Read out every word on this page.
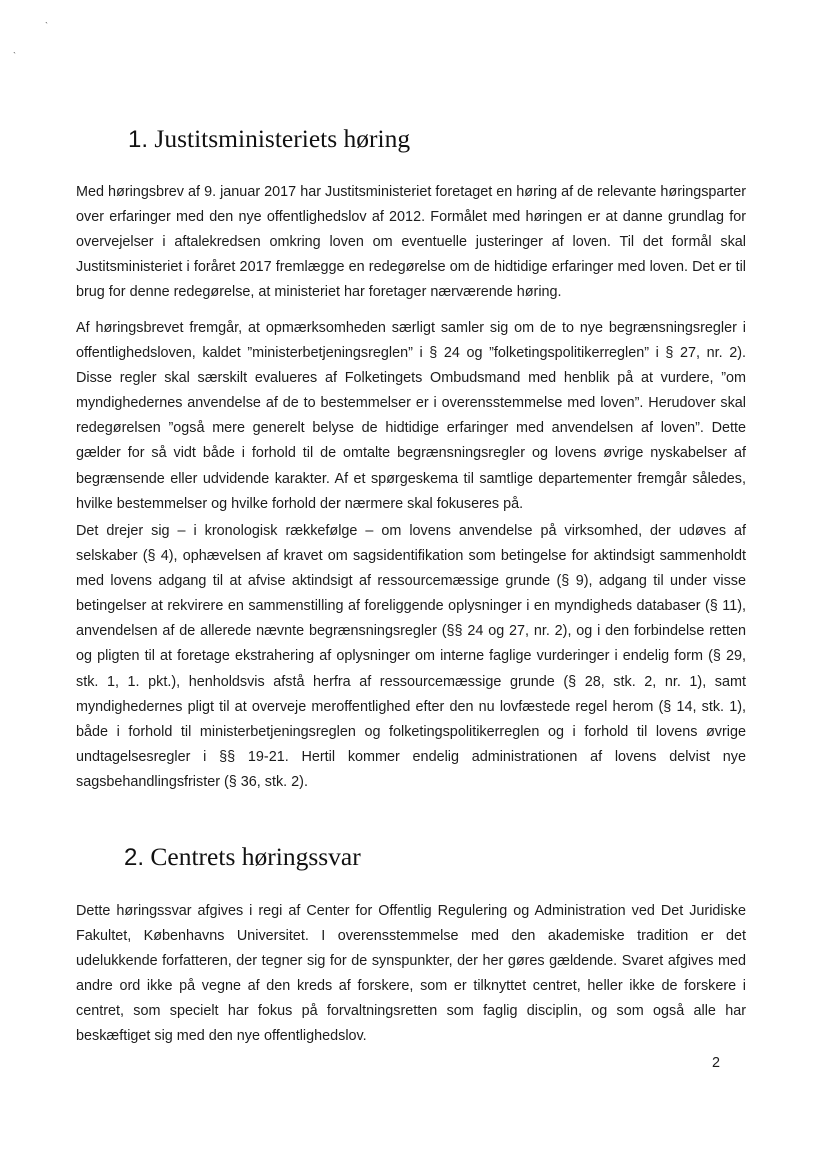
`
`
1. Justitsministeriets høring

Med høringsbrev af 9. januar 2017 har Justitsministeriet foretaget en høring af de relevante høringsparter over erfaringer med den nye offentlighedslov af 2012. Formålet med høringen er at danne grundlag for overvejelser i aftalekredsen omkring loven om eventuelle justeringer af loven. Til det formål skal Justitsministeriet i foråret 2017 fremlægge en redegørelse om de hidtidige erfaringer med loven. Det er til brug for denne redegørelse, at ministeriet har foretager nærværende høring.

Af høringsbrevet fremgår, at opmærksomheden særligt samler sig om de to nye begrænsningsregler i offentlighedsloven, kaldet ”ministerbetjeningsreglen” i § 24 og ”folketingspolitikerreglen” i § 27, nr. 2). Disse regler skal særskilt evalueres af Folketingets Ombudsmand med henblik på at vurdere, ”om myndighedernes anvendelse af de to bestemmelser er i overensstemmelse med loven”. Herudover skal redegørelsen ”også mere generelt belyse de hidtidige erfaringer med anvendelsen af loven”. Dette gælder for så vidt både i forhold til de omtalte begrænsningsregler og lovens øvrige nyskabelser af begrænsende eller udvidende karakter. Af et spørgeskema til samtlige departementer fremgår således, hvilke bestemmelser og hvilke forhold der nærmere skal fokuseres på.

Det drejer sig – i kronologisk rækkefølge – om lovens anvendelse på virksomhed, der udøves af selskaber (§ 4), ophævelsen af kravet om sagsidentifikation som betingelse for aktindsigt sammenholdt med lovens adgang til at afvise aktindsigt af ressourcemæssige grunde (§ 9), adgang til under visse betingelser at rekvirere en sammenstilling af foreliggende oplysninger i en myndigheds databaser (§ 11), anvendelsen af de allerede nævnte begrænsningsregler (§§ 24 og 27, nr. 2), og i den forbindelse retten og pligten til at foretage ekstrahering af oplysninger om interne faglige vurderinger i endelig form (§ 29, stk. 1, 1. pkt.), henholdsvis afstå herfra af ressourcemæssige grunde (§ 28, stk. 2, nr. 1), samt myndighedernes pligt til at overveje meroffentlighed efter den nu lovfæstede regel herom (§ 14, stk. 1), både i forhold til ministerbetjeningsreglen og folketingspolitikerreglen og i forhold til lovens øvrige undtagelsesregler i §§ 19-21. Hertil kommer endelig administrationen af lovens delvist nye sagsbehandlingsfrister (§ 36, stk. 2).

2. Centrets høringssvar

Dette høringssvar afgives i regi af Center for Offentlig Regulering og Administration ved Det Juridiske Fakultet, Københavns Universitet. I overensstemmelse med den akademiske tradition er det udelukkende forfatteren, der tegner sig for de synspunkter, der her gøres gældende. Svaret afgives med andre ord ikke på vegne af den kreds af forskere, som er tilknyttet centret, heller ikke de forskere i centret, som specielt har fokus på forvaltningsretten som faglig disciplin, og som også alle har beskæftiget sig med den nye offentlighedslov.

2
